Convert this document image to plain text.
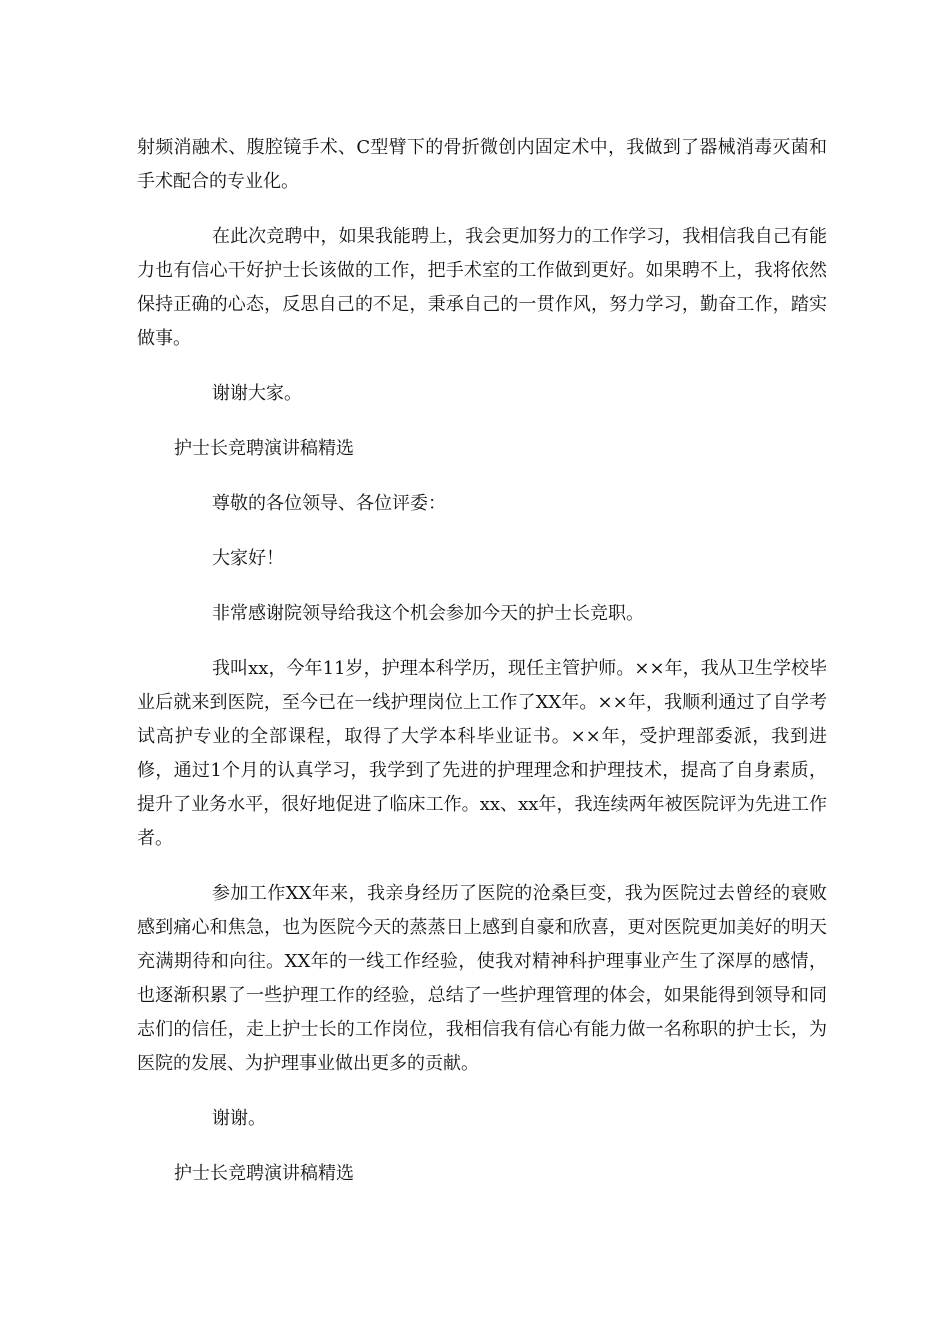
射频消融术、腹腔镜手术、C型臂下的骨折微创内固定术中，我做到了器械消毒灭菌和手术配合的专业化。

在此次竞聘中，如果我能聘上，我会更加努力的工作学习，我相信我自己有能力也有信心干好护士长该做的工作，把手术室的工作做到更好。如果聘不上，我将依然保持正确的心态，反思自己的不足，秉承自己的一贯作风，努力学习，勤奋工作，踏实做事。

谢谢大家。

护士长竞聘演讲稿精选

尊敬的各位领导、各位评委：

大家好！

非常感谢院领导给我这个机会参加今天的护士长竞职。

我叫xx，今年11岁，护理本科学历，现任主管护师。××年，我从卫生学校毕业后就来到医院，至今已在一线护理岗位上工作了XX年。××年，我顺利通过了自学考试高护专业的全部课程，取得了大学本科毕业证书。××年，受护理部委派，我到进修，通过1个月的认真学习，我学到了先进的护理理念和护理技术，提高了自身素质，提升了业务水平，很好地促进了临床工作。xx、xx年，我连续两年被医院评为先进工作者。

参加工作XX年来，我亲身经历了医院的沧桑巨变，我为医院过去曾经的衰败感到痛心和焦急，也为医院今天的蒸蒸日上感到自豪和欣喜，更对医院更加美好的明天充满期待和向往。XX年的一线工作经验，使我对精神科护理事业产生了深厚的感情，也逐渐积累了一些护理工作的经验，总结了一些护理管理的体会，如果能得到领导和同志们的信任，走上护士长的工作岗位，我相信我有信心有能力做一名称职的护士长，为医院的发展、为护理事业做出更多的贡献。

谢谢。

护士长竞聘演讲稿精选
